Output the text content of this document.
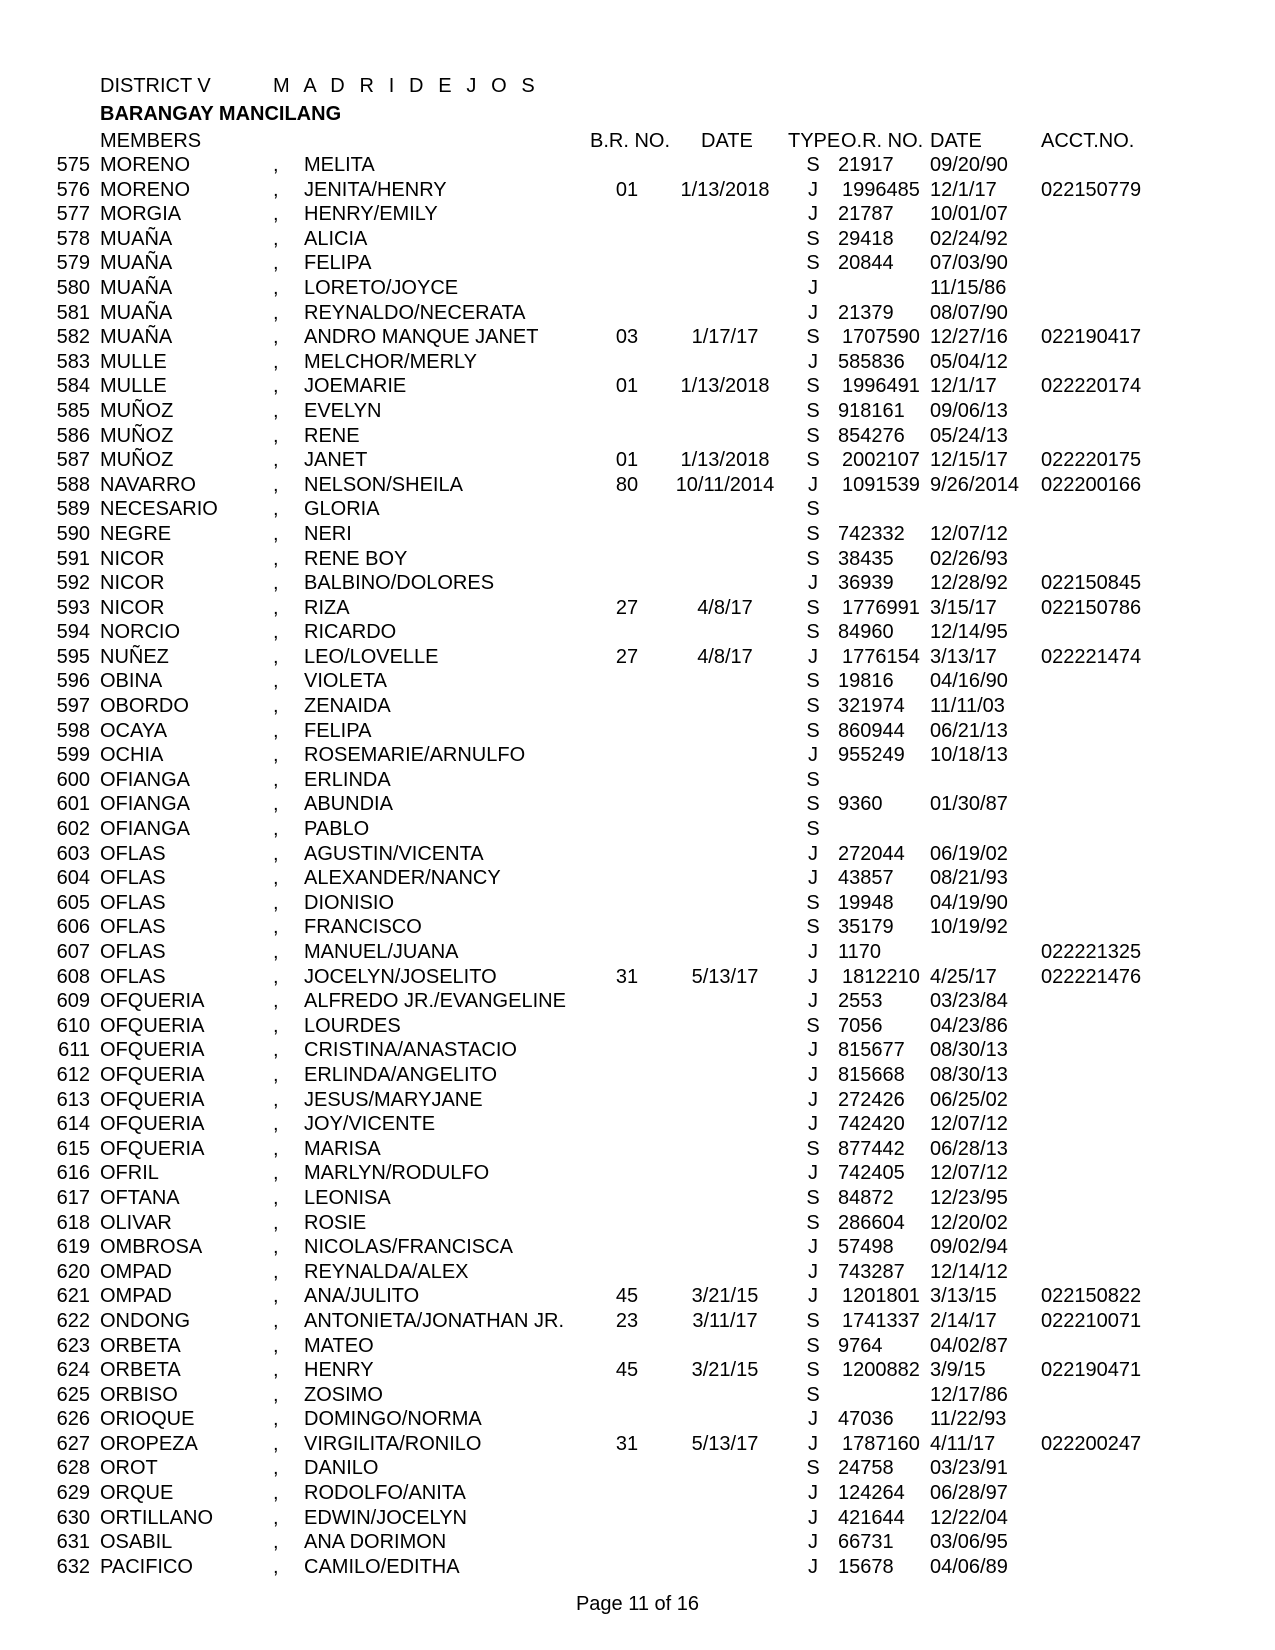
DISTRICT V	M A D R I D E J O S
BARANGAY MANCILANG
MEMBERS	B.R. NO. DATE TYPE O.R. NO. DATE	ACCT.NO.
575 MORENO	, MELITA	S 21917 09/20/90
576 MORENO	, JENITA/HENRY	01	1/13/2018	J	1996485 12/1/17 022150779
577 MORGIA	, HENRY/EMILY	J	21787 10/01/07
578 MUAÑA	, ALICIA	S 29418 02/24/92
579 MUAÑA	, FELIPA	S 20844 07/03/90
580 MUAÑA	, LORETO/JOYCE	J	11/15/86
581 MUAÑA	, REYNALDO/NECERATA	J	21379 08/07/90
582 MUAÑA	, ANDRO MANQUE JANET	03	1/17/17	S 1707590 12/27/16 022190417
583 MULLE	, MELCHOR/MERLY	J	585836 05/04/12
584 MULLE	, JOEMARIE	01	1/13/2018	S 1996491 12/1/17 022220174
585 MUÑOZ	, EVELYN	S 918161 09/06/13
586 MUÑOZ	, RENE	S 854276 05/24/13
587 MUÑOZ	, JANET	01	1/13/2018	S 2002107 12/15/17 022220175
588 NAVARRO	, NELSON/SHEILA	80	10/11/2014	J	1091539 9/26/2014 022200166
589 NECESARIO	, GLORIA	S
590 NEGRE	, NERI	S 742332 12/07/12
591 NICOR	, RENE BOY	S 38435 02/26/93
592 NICOR	, BALBINO/DOLORES	J	36939 12/28/92 022150845
593 NICOR	, RIZA	27	4/8/17	S 1776991 3/15/17 022150786
594 NORCIO	, RICARDO	S 84960 12/14/95
595 NUÑEZ	, LEO/LOVELLE	27	4/8/17	J	1776154 3/13/17 022221474
596 OBINA	, VIOLETA	S 19816 04/16/90
597 OBORDO	, ZENAIDA	S 321974 11/11/03
598 OCAYA	, FELIPA	S 860944 06/21/13
599 OCHIA	, ROSEMARIE/ARNULFO	J	955249 10/18/13
600 OFIANGA	, ERLINDA	S
601 OFIANGA	, ABUNDIA	S 9360 01/30/87
602 OFIANGA	, PABLO	S
603 OFLAS	, AGUSTIN/VICENTA	J	272044 06/19/02
604 OFLAS	, ALEXANDER/NANCY	J	43857 08/21/93
605 OFLAS	, DIONISIO	S 19948 04/19/90
606 OFLAS	, FRANCISCO	S 35179 10/19/92
607 OFLAS	, MANUEL/JUANA	J	1170	022221325
608 OFLAS	, JOCELYN/JOSELITO	31	5/13/17	J	1812210 4/25/17 022221476
609 OFQUERIA	, ALFREDO JR./EVANGELINE	J	2553 03/23/84
610 OFQUERIA	, LOURDES	S 7056 04/23/86
611 OFQUERIA	, CRISTINA/ANASTACIO	J	815677 08/30/13
612 OFQUERIA	, ERLINDA/ANGELITO	J	815668 08/30/13
613 OFQUERIA	, JESUS/MARYJANE	J	272426 06/25/02
614 OFQUERIA	, JOY/VICENTE	J	742420 12/07/12
615 OFQUERIA	, MARISA	S 877442 06/28/13
616 OFRIL	, MARLYN/RODULFO	J	742405 12/07/12
617 OFTANA	, LEONISA	S 84872 12/23/95
618 OLIVAR	, ROSIE	S 286604 12/20/02
619 OMBROSA	, NICOLAS/FRANCISCA	J	57498 09/02/94
620 OMPAD	, REYNALDA/ALEX	J	743287 12/14/12
621 OMPAD	, ANA/JULITO	45	3/21/15	J	1201801 3/13/15 022150822
622 ONDONG	, ANTONIETA/JONATHAN JR.	23	3/11/17	S 1741337 2/14/17 022210071
623 ORBETA	, MATEO	S 9764 04/02/87
624 ORBETA	, HENRY	45	3/21/15	S 1200882 3/9/15	022190471
625 ORBISO	, ZOSIMO	S	12/17/86
626 ORIOQUE	, DOMINGO/NORMA	J	47036 11/22/93
627 OROPEZA	, VIRGILITA/RONILO	31	5/13/17	J	1787160 4/11/17 022200247
628 OROT	, DANILO	S 24758 03/23/91
629 ORQUE	, RODOLFO/ANITA	J	124264 06/28/97
630 ORTILLANO	, EDWIN/JOCELYN	J	421644 12/22/04
631 OSABIL	, ANA DORIMON	J	66731 03/06/95
632 PACIFICO	, CAMILO/EDITHA	J	15678 04/06/89
Page 11 of 16
